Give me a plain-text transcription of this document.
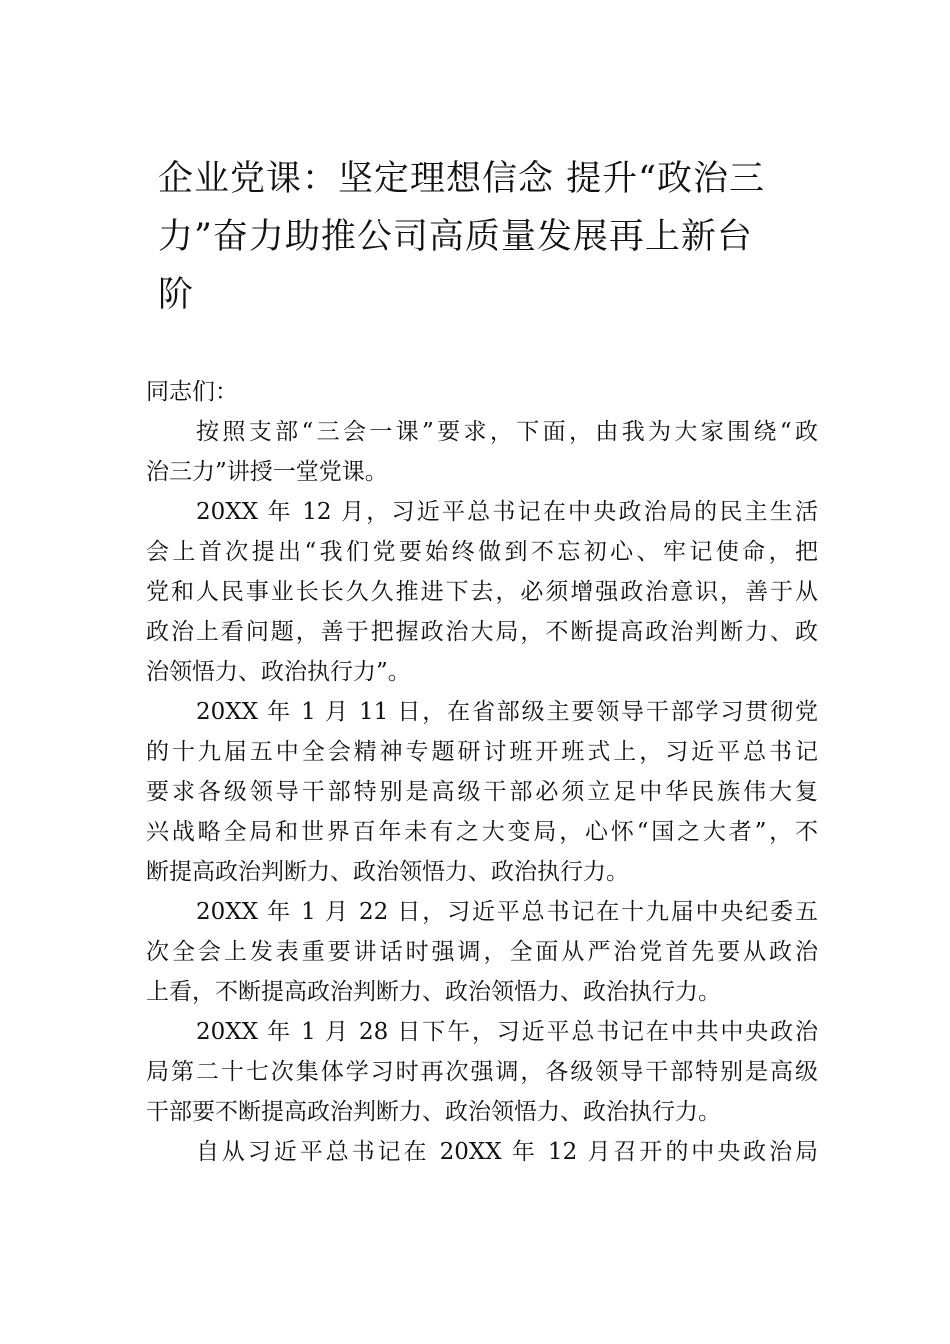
企业党课：坚定理想信念 提升“政治三
力”奋力助推公司高质量发展再上新台
阶

同志们：

按照支部“三会一课”要求，下面，由我为大家围绕“政
治三力”讲授一堂党课。

20XX 年 12 月，习近平总书记在中央政治局的民主生活
会上首次提出“我们党要始终做到不忘初心、牢记使命，把
党和人民事业长长久久推进下去，必须增强政治意识，善于从
政治上看问题，善于把握政治大局，不断提高政治判断力、政
治领悟力、政治执行力”。

20XX 年 1 月 11 日，在省部级主要领导干部学习贯彻党
的十九届五中全会精神专题研讨班开班式上，习近平总书记
要求各级领导干部特别是高级干部必须立足中华民族伟大复
兴战略全局和世界百年未有之大变局，心怀“国之大者”，不
断提高政治判断力、政治领悟力、政治执行力。

20XX 年 1 月 22 日，习近平总书记在十九届中央纪委五
次全会上发表重要讲话时强调，全面从严治党首先要从政治
上看，不断提高政治判断力、政治领悟力、政治执行力。

20XX 年 1 月 28 日下午，习近平总书记在中共中央政治
局第二十七次集体学习时再次强调，各级领导干部特别是高级
干部要不断提高政治判断力、政治领悟力、政治执行力。

自从习近平总书记在 20XX 年 12 月召开的中央政治局
